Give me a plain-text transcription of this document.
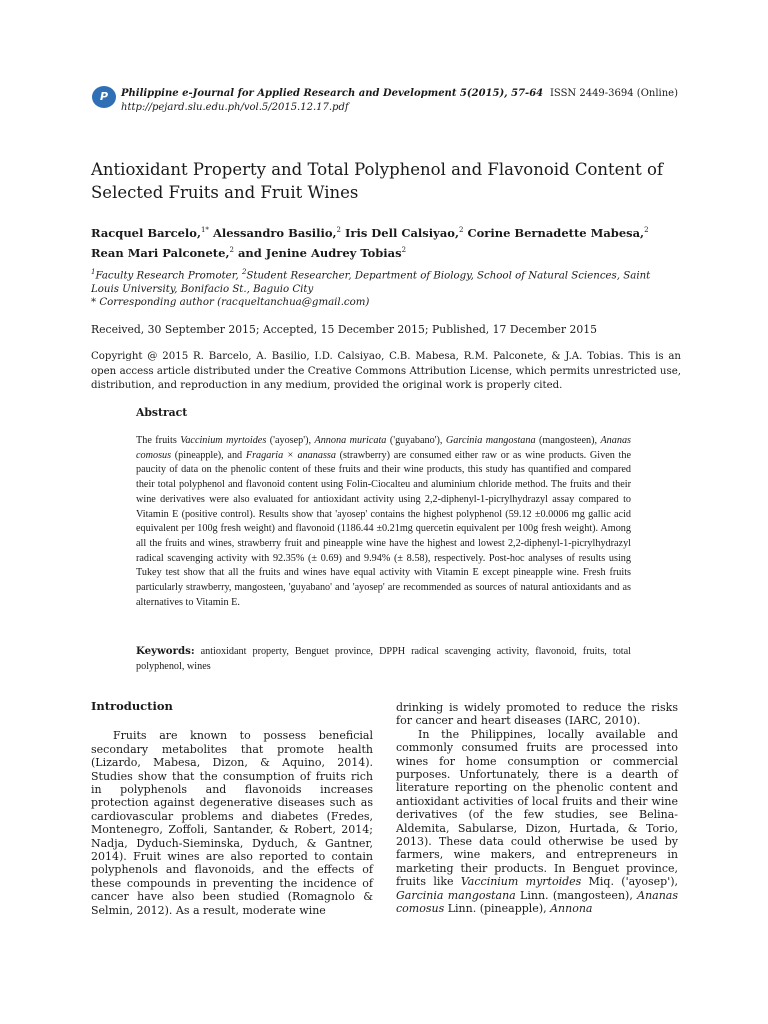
P	Philippine e-Journal for Applied Research and Development 5(2015), 57-64
http://pejard.slu.edu.ph/vol.5/2015.12.17.pdf
ISSN 2449-3694 (Online)
Antioxidant Property and Total Polyphenol and Flavonoid Content of Selected Fruits and Fruit Wines
Racquel Barcelo,$^{1*}$ Alessandro Basilio,$^2$ Iris Dell Calsiyao,$^2$ Corine Bernadette Mabesa,$^2$ Rean Mari Palconete,$^2$ and Jenine Audrey Tobias$^2$
$^1$Faculty Research Promoter, $^2$Student Researcher, Department of Biology, School of Natural Sciences, Saint Louis University, Bonifacio St., Baguio City
* Corresponding author (racqueltanchua@gmail.com)
Received, 30 September 2015; Accepted, 15 December 2015; Published, 17 December 2015
Copyright @ 2015 R. Barcelo, A. Basilio, I.D. Calsiyao, C.B. Mabesa, R.M. Palconete, & J.A. Tobias. This is an open access article distributed under the Creative Commons Attribution License, which permits unrestricted use, distribution, and reproduction in any medium, provided the original work is properly cited.
Abstract
The fruits Vaccinium myrtoides ('ayosep'), Annona muricata ('guyabano'), Garcinia mangostana (mangosteen), Ananas comosus (pineapple), and Fragaria × ananassa (strawberry) are consumed either raw or as wine products. Given the paucity of data on the phenolic content of these fruits and their wine products, this study has quantified and compared their total polyphenol and flavonoid content using Folin-Ciocalteu and aluminium chloride method. The fruits and their wine derivatives were also evaluated for antioxidant activity using 2,2-diphenyl-1-picrylhydrazyl assay compared to Vitamin E (positive control). Results show that 'ayosep' contains the highest polyphenol (59.12 ±0.0006 mg gallic acid equivalent per 100g fresh weight) and flavonoid (1186.44 ±0.21mg quercetin equivalent per 100g fresh weight). Among all the fruits and wines, strawberry fruit and pineapple wine have the highest and lowest 2,2-diphenyl-1-picrylhydrazyl radical scavenging activity with 92.35% (± 0.69) and 9.94% (± 8.58), respectively. Post-hoc analyses of results using Tukey test show that all the fruits and wines have equal activity with Vitamin E except pineapple wine. Fresh fruits particularly strawberry, mangosteen, 'guyabano' and 'ayosep' are recommended as sources of natural antioxidants and as alternatives to Vitamin E.
Keywords: antioxidant property, Benguet province, DPPH radical scavenging activity, flavonoid, fruits, total polyphenol, wines
Introduction

Fruits are known to possess beneficial secondary metabolites that promote health (Lizardo, Mabesa, Dizon, & Aquino, 2014). Studies show that the consumption of fruits rich in polyphenols and flavonoids increases protection against degenerative diseases such as cardiovascular problems and diabetes (Fredes, Montenegro, Zoffoli, Santander, & Robert, 2014; Nadja, Dyduch-Sieminska, Dyduch, & Gantner, 2014). Fruit wines are also reported to contain polyphenols and flavonoids, and the effects of these compounds in preventing the incidence of cancer have also been studied (Romagnolo & Selmin, 2012). As a result, moderate wine

drinking is widely promoted to reduce the risks for cancer and heart diseases (IARC, 2010).

In the Philippines, locally available and commonly consumed fruits are processed into wines for home consumption or commercial purposes. Unfortunately, there is a dearth of literature reporting on the phenolic content and antioxidant activities of local fruits and their wine derivatives (of the few studies, see Belina-Aldemita, Sabularse, Dizon, Hurtada, & Torio, 2013). These data could otherwise be used by farmers, wine makers, and entrepreneurs in marketing their products. In Benguet province, fruits like Vaccinium myrtoides Miq. ('ayosep'), Garcinia mangostana Linn. (mangosteen), Ananas comosus Linn. (pineapple), Annona
